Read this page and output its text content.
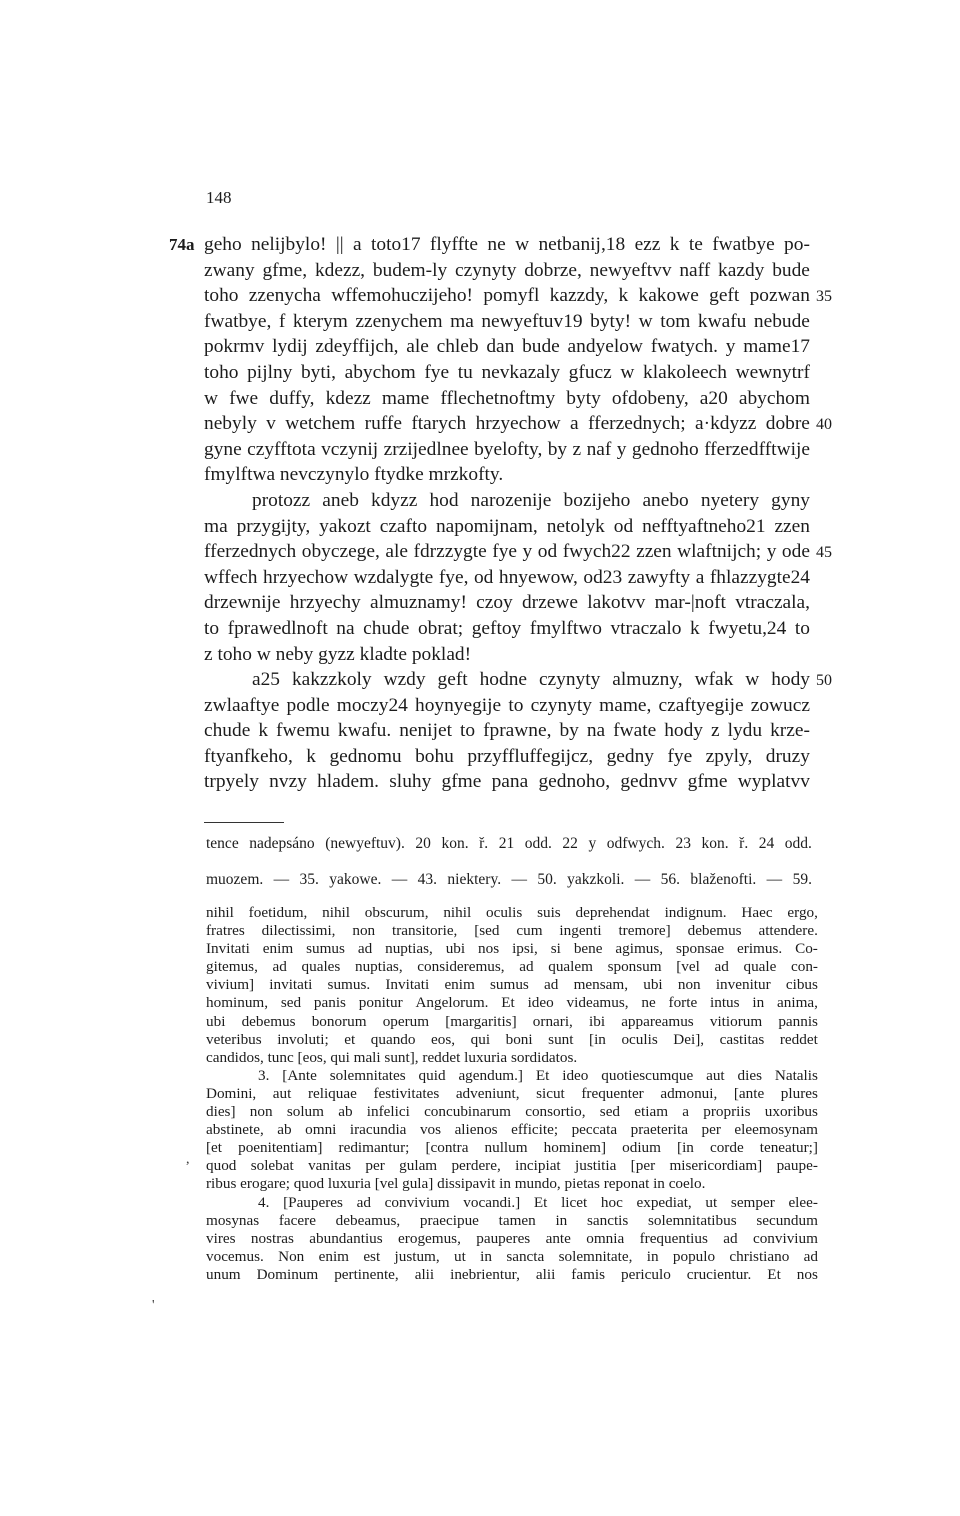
148
geho nelijbylo! || a toto17 flyffte ne w netbanij,18 ezz k te fwatbye po-
74a
zwany gfme, kdezz, budem-ly czynyty dobrze, newyeftvv naff kazdy bude
toho zzenycha wffemohuczijeho! pomyfl kazzdy, k kakowe geft pozwan 35
fwatbye, f kterym zzenychem ma newyeftuv19 byty! w tom kwafu nebude
pokrmv lydij zdeyffijch, ale chleb dan bude andyelow fwatych. y mame17
toho pijlny byti, abychom fye tu nevkazaly gfucz w klakoleech wewnytrf
w fwe duffy, kdezz mame fflechetnoftmy byty ofdobeny, a20 abychom
nebyly v wetchem ruffe ftarych hrzyechow a fferzednych; a·kdyzz dobre 40
gyne czyfftota vczynij zrzijedlnee byelofty, by z naf y gednoho fferzedfftwije
fmylftwa nevczynylo ftydke mrzkofty.
protozz aneb kdyzz hod narozenije bozijeho anebo nyetery gyny
ma przygijty, yakozt czafto napomijnam, netolyk od nefftyaftneho21 zzen
fferzednych obyczege, ale fdrzzygte fye y od fwych22 zzen wlaftnijch; y ode 45
wffech hrzyechow wzdalygte fye, od hnyewow, od23 zawyfty a fhlazzygte24
drzewnije hrzyechy almuznamy! czoy drzewe lakotvv mar-|noft vtraczala,
to fprawedlnoft na chude obrat; geftoy fmylftwo vtraczalo k fwyetu,24 to
z toho w neby gyzz kladte poklad!
a25 kakzzkoly wzdy geft hodne czynyty almuzny, wfak w hody 50
zwlaaftye podle moczy24 hoynyegije to czynyty mame, czaftyegije zowucz
chude k fwemu kwafu. nenijet to fprawne, by na fwate hody z lydu krze-
ftyanfkeho, k gednomu bohu przyffluffegijcz, gedny fye zpyly, druzy
trpyely nvzy hladem. sluhy gfme pana gednoho, gednvv gfme wyplatvv
tence nadepsáno (newyeftuv). 20 kon. ř. 21 odd. 22 y odfwych. 23 kon. ř. 24 odd.
muozem. — 35. yakowe. — 43. niektery. — 50. yakzkoli. — 56. blaženofti. — 59.
nihil foetidum, nihil obscurum, nihil oculis suis deprehendat indignum. Haec ergo,
fratres dilectissimi, non transitorie, [sed cum ingenti tremore] debemus attendere.
Invitati enim sumus ad nuptias, ubi nos ipsi, si bene agimus, sponsae erimus. Co-
gitemus, ad quales nuptias, consideremus, ad qualem sponsum [vel ad quale con-
vivium] invitati sumus. Invitati enim sumus ad mensam, ubi non invenitur cibus
hominum, sed panis ponitur Angelorum. Et ideo videamus, ne forte intus in anima,
ubi debemus bonorum operum [margaritis] ornari, ibi appareamus vitiorum pannis
veteribus involuti; et quando eos, qui boni sunt [in oculis Dei], castitas reddet
candidos, tunc [eos, qui mali sunt], reddet luxuria sordidatos.
3. [Ante solemnitates quid agendum.] Et ideo quotiescumque aut dies Natalis
Domini, aut reliquae festivitates adveniunt, sicut frequenter admonui, [ante plures
dies] non solum ab infelici concubinarum consortio, sed etiam a propriis uxoribus
abstinete, ab omni iracundia vos alienos efficite; peccata praeterita per eleemosynam
[et poenitentiam] redimantur; [contra nullum hominem] odium [in corde teneatur;]
quod solebat vanitas per gulam perdere, incipiat justitia [per misericordiam] paupe-
ribus erogare; quod luxuria [vel gula] dissipavit in mundo, pietas reponat in coelo.
4. [Pauperes ad convivium vocandi.] Et licet hoc expediat, ut semper elee-
mosynas facere debeamus, praecipue tamen in sanctis solemnitatibus secundum
vires nostras abundantius erogemus, pauperes ante omnia frequentius ad convivium
vocemus. Non enim est justum, ut in sancta solemnitate, in populo christiano ad
unum Dominum pertinente, alii inebrientur, alii famis periculo crucientur. Et nos
,
'
